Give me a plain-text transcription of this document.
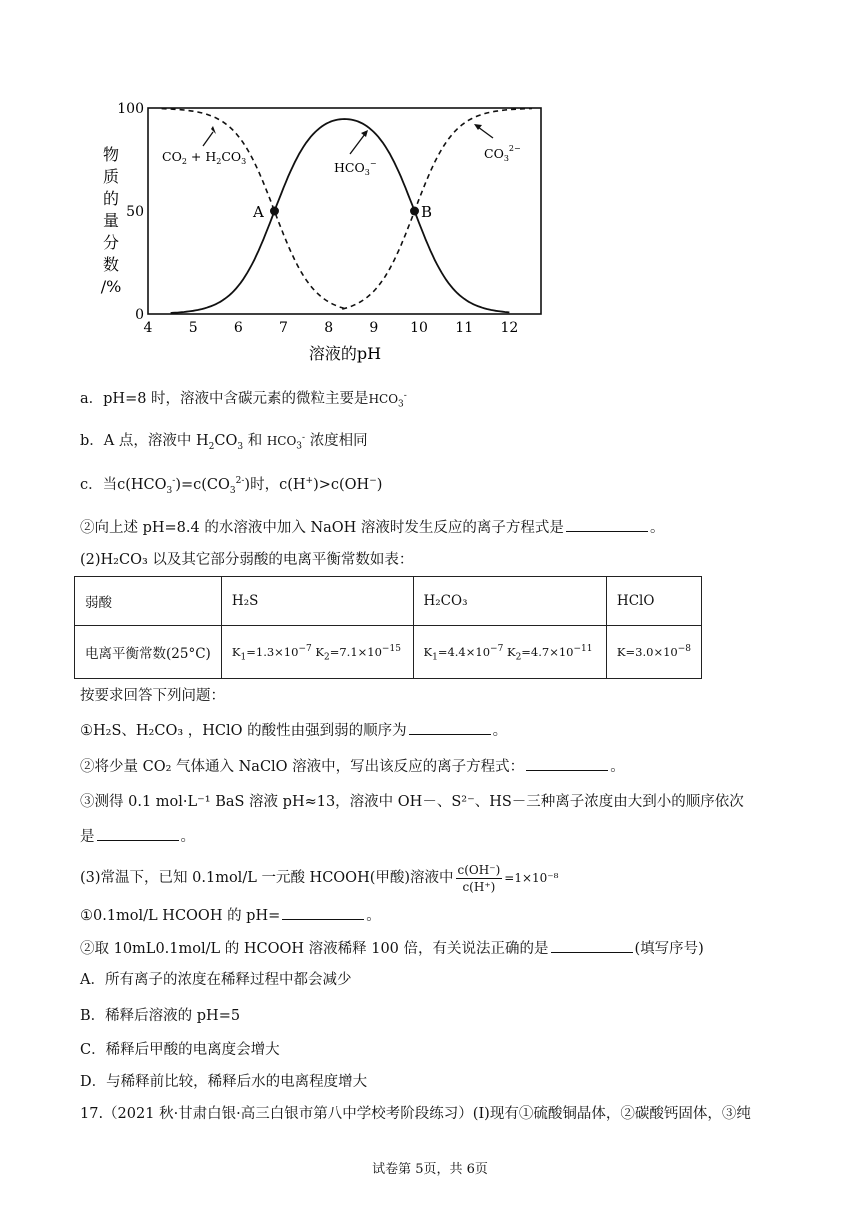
4	5	6	7	8	9 10 11 12
0
50
100
物
质
的
量
分
数
/%
溶液的pH
A	B
$CO_2 + H_2CO_3$	$HCO_3^-$
$CO_3^{2-}$
a．pH=8 时，溶液中含碳元素的微粒主要是$HCO_3^-$
b．A 点，溶液中 $H_2CO_3$ 和 $HCO_3^-$ 浓度相同
c．当$c(HCO_3^-)=c(CO_3^{2-})$时，c(H+)>c(OH−)
②向上述 pH=8.4 的水溶液中加入 NaOH 溶液时发生反应的离子方程式是	。
(2)H₂CO₃ 以及其它部分弱酸的电离平衡常数如表：
弱酸	H₂S	H₂CO₃	HClO
电离平衡常数(25°C)	$K_1=1.3\times 10^{-7}$ $K_2=7.1\times 10^{-15}$	$K_1=4.4\times 10^{-7}$ $K_2=4.7\times 10^{-11}$	$K=3.0\times 10^{-8}$
按要求回答下列问题：
①H₂S、H₂CO₃ ，HClO 的酸性由强到弱的顺序为	。
②将少量 CO₂ 气体通入 NaClO 溶液中，写出该反应的离子方程式：	。
③测得 0.1 mol·L⁻¹ BaS 溶液 pH≈13，溶液中 OH－、S²⁻、HS－三种离子浓度由大到小的顺序依次
是	。
(3)常温下，已知 0.1mol/L 一元酸 HCOOH(甲酸)溶液中 $\frac{c(OH^-)}{c(H^+)} =1\times 10^{-8}$
①0.1mol/L HCOOH 的 pH=	。
②取 10mL0.1mol/L 的 HCOOH 溶液稀释 100 倍，有关说法正确的是	(填写序号)
A．所有离子的浓度在稀释过程中都会减少
B．稀释后溶液的 pH=5
C．稀释后甲酸的电离度会增大
D．与稀释前比较，稀释后水的电离程度增大
17.（2021 秋·甘肃白银·高三白银市第八中学校考阶段练习）(I)现有①硫酸铜晶体，②碳酸钙固体，③纯
试卷第 5页，共 6页
